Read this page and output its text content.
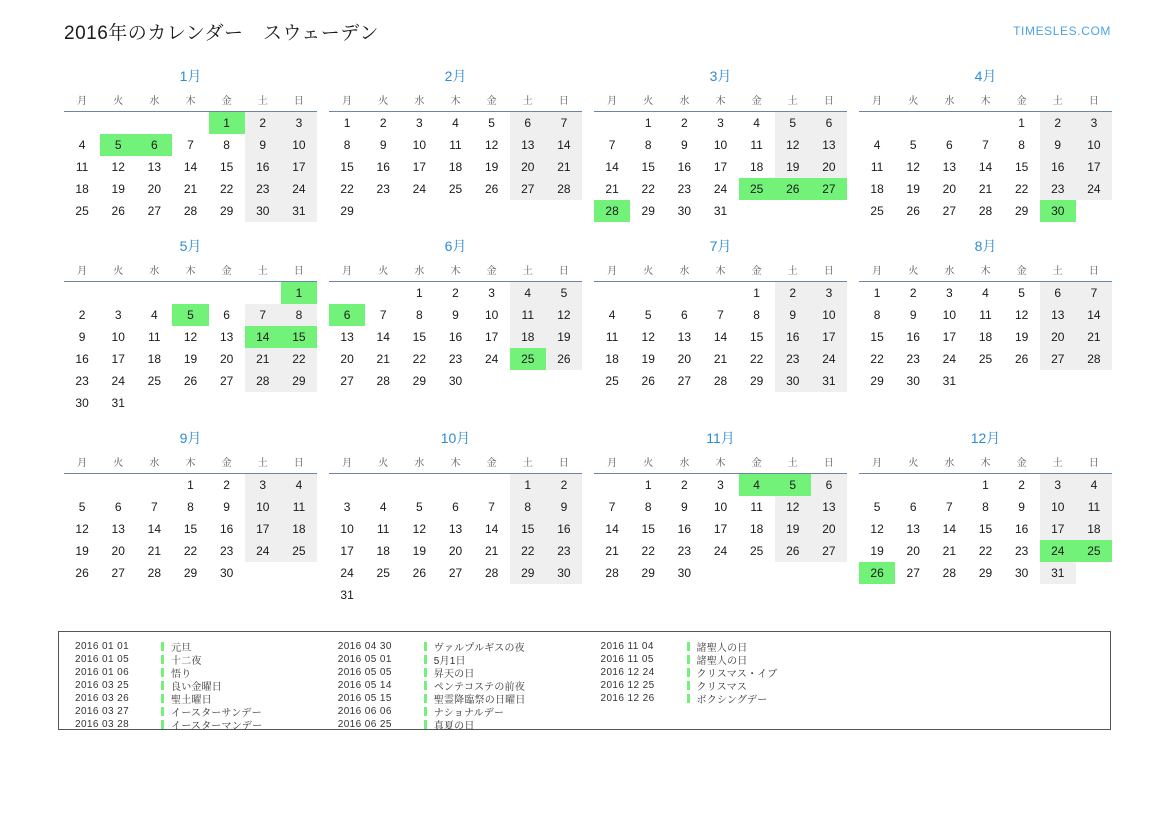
2016年のカレンダー　スウェーデン	TIMESLES.COM
1月
月	火	水	木	金	土	日
				1	2	3
4	5	6	7	8	9	10
11	12	13	14	15	16	17
18	19	20	21	22	23	24
25	26	27	28	29	30	31
2月
月	火	水	木	金	土	日
1	2	3	4	5	6	7
8	9	10	11	12	13	14
15	16	17	18	19	20	21
22	23	24	25	26	27	28
29						
3月
月	火	水	木	金	土	日
	1	2	3	4	5	6
7	8	9	10	11	12	13
14	15	16	17	18	19	20
21	22	23	24	25	26	27
28	29	30	31			
4月
月	火	水	木	金	土	日
				1	2	3
4	5	6	7	8	9	10
11	12	13	14	15	16	17
18	19	20	21	22	23	24
25	26	27	28	29	30	
5月
月	火	水	木	金	土	日
						1
2	3	4	5	6	7	8
9	10	11	12	13	14	15
16	17	18	19	20	21	22
23	24	25	26	27	28	29
30	31					
6月
月	火	水	木	金	土	日
		1	2	3	4	5
6	7	8	9	10	11	12
13	14	15	16	17	18	19
20	21	22	23	24	25	26
27	28	29	30			
7月
月	火	水	木	金	土	日
				1	2	3
4	5	6	7	8	9	10
11	12	13	14	15	16	17
18	19	20	21	22	23	24
25	26	27	28	29	30	31
8月
月	火	水	木	金	土	日
1	2	3	4	5	6	7
8	9	10	11	12	13	14
15	16	17	18	19	20	21
22	23	24	25	26	27	28
29	30	31				
9月
月	火	水	木	金	土	日
			1	2	3	4
5	6	7	8	9	10	11
12	13	14	15	16	17	18
19	20	21	22	23	24	25
26	27	28	29	30		
10月
月	火	水	木	金	土	日
					1	2
3	4	5	6	7	8	9
10	11	12	13	14	15	16
17	18	19	20	21	22	23
24	25	26	27	28	29	30
31						
11月
月	火	水	木	金	土	日
	1	2	3	4	5	6
7	8	9	10	11	12	13
14	15	16	17	18	19	20
21	22	23	24	25	26	27
28	29	30				
12月
月	火	水	木	金	土	日
			1	2	3	4
5	6	7	8	9	10	11
12	13	14	15	16	17	18
19	20	21	22	23	24	25
26	27	28	29	30	31	
2016 01 01	元旦
2016 01 05	十二夜
2016 01 06	悟り
2016 03 25	良い金曜日
2016 03 26	聖土曜日
2016 03 27	イースターサンデー
2016 03 28	イースターマンデー
2016 04 30	ヴァルプルギスの夜
2016 05 01	5月1日
2016 05 05	昇天の日
2016 05 14	ペンテコステの前夜
2016 05 15	聖霊降臨祭の日曜日
2016 06 06	ナショナルデー
2016 06 25	真夏の日
2016 11 04	諸聖人の日
2016 11 05	諸聖人の日
2016 12 24	クリスマス・イブ
2016 12 25	クリスマス
2016 12 26	ボクシングデー
